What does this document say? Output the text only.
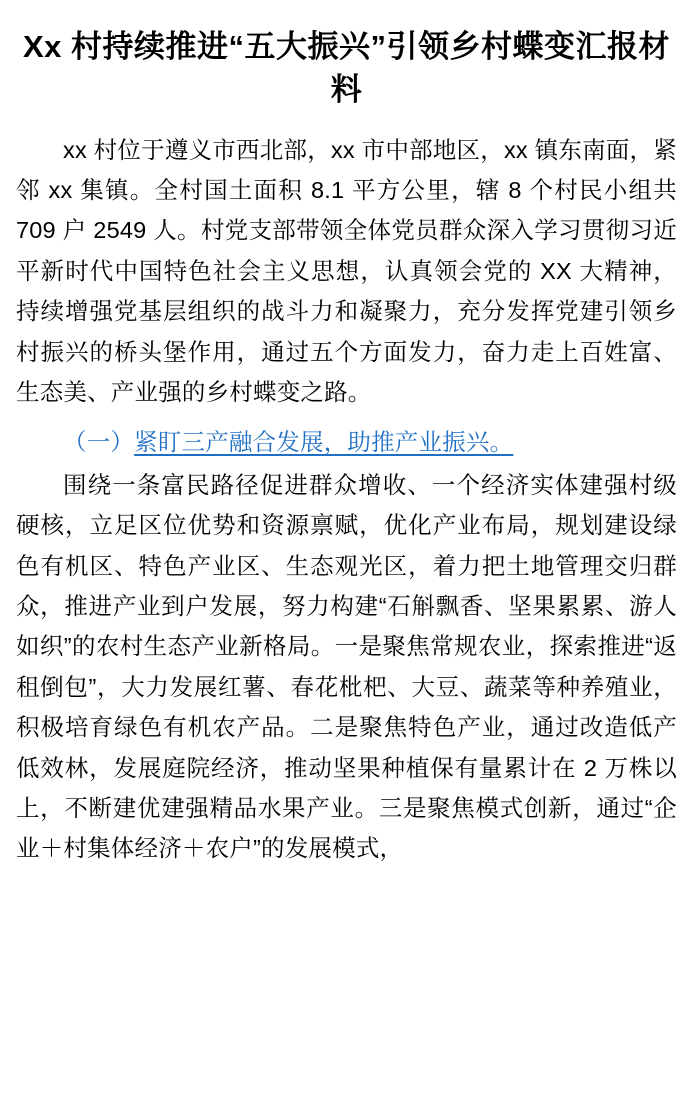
Xx 村持续推进“五大振兴”引领乡村蝶变汇报材料

xx 村位于遵义市西北部，xx 市中部地区，xx 镇东南面，紧邻 xx 集镇。全村国土面积 8.1 平方公里，辖 8 个村民小组共 709 户 2549 人。村党支部带领全体党员群众深入学习贯彻习近平新时代中国特色社会主义思想，认真领会党的 XX 大精神，持续增强党基层组织的战斗力和凝聚力，充分发挥党建引领乡村振兴的桥头堡作用，通过五个方面发力，奋力走上百姓富、生态美、产业强的乡村蝶变之路。

（一）紧盯三产融合发展，助推产业振兴。

围绕一条富民路径促进群众增收、一个经济实体建强村级硬核，立足区位优势和资源禀赋，优化产业布局，规划建设绿色有机区、特色产业区、生态观光区，着力把土地管理交归群众，推进产业到户发展，努力构建“石斛飘香、坚果累累、游人如织”的农村生态产业新格局。一是聚焦常规农业，探索推进“返租倒包”，大力发展红薯、春花枇杷、大豆、蔬菜等种养殖业，积极培育绿色有机农产品。二是聚焦特色产业，通过改造低产低效林，发展庭院经济，推动坚果种植保有量累计在 2 万株以上，不断建优建强精品水果产业。三是聚焦模式创新，通过“企业＋村集体经济＋农户”的发展模式，
